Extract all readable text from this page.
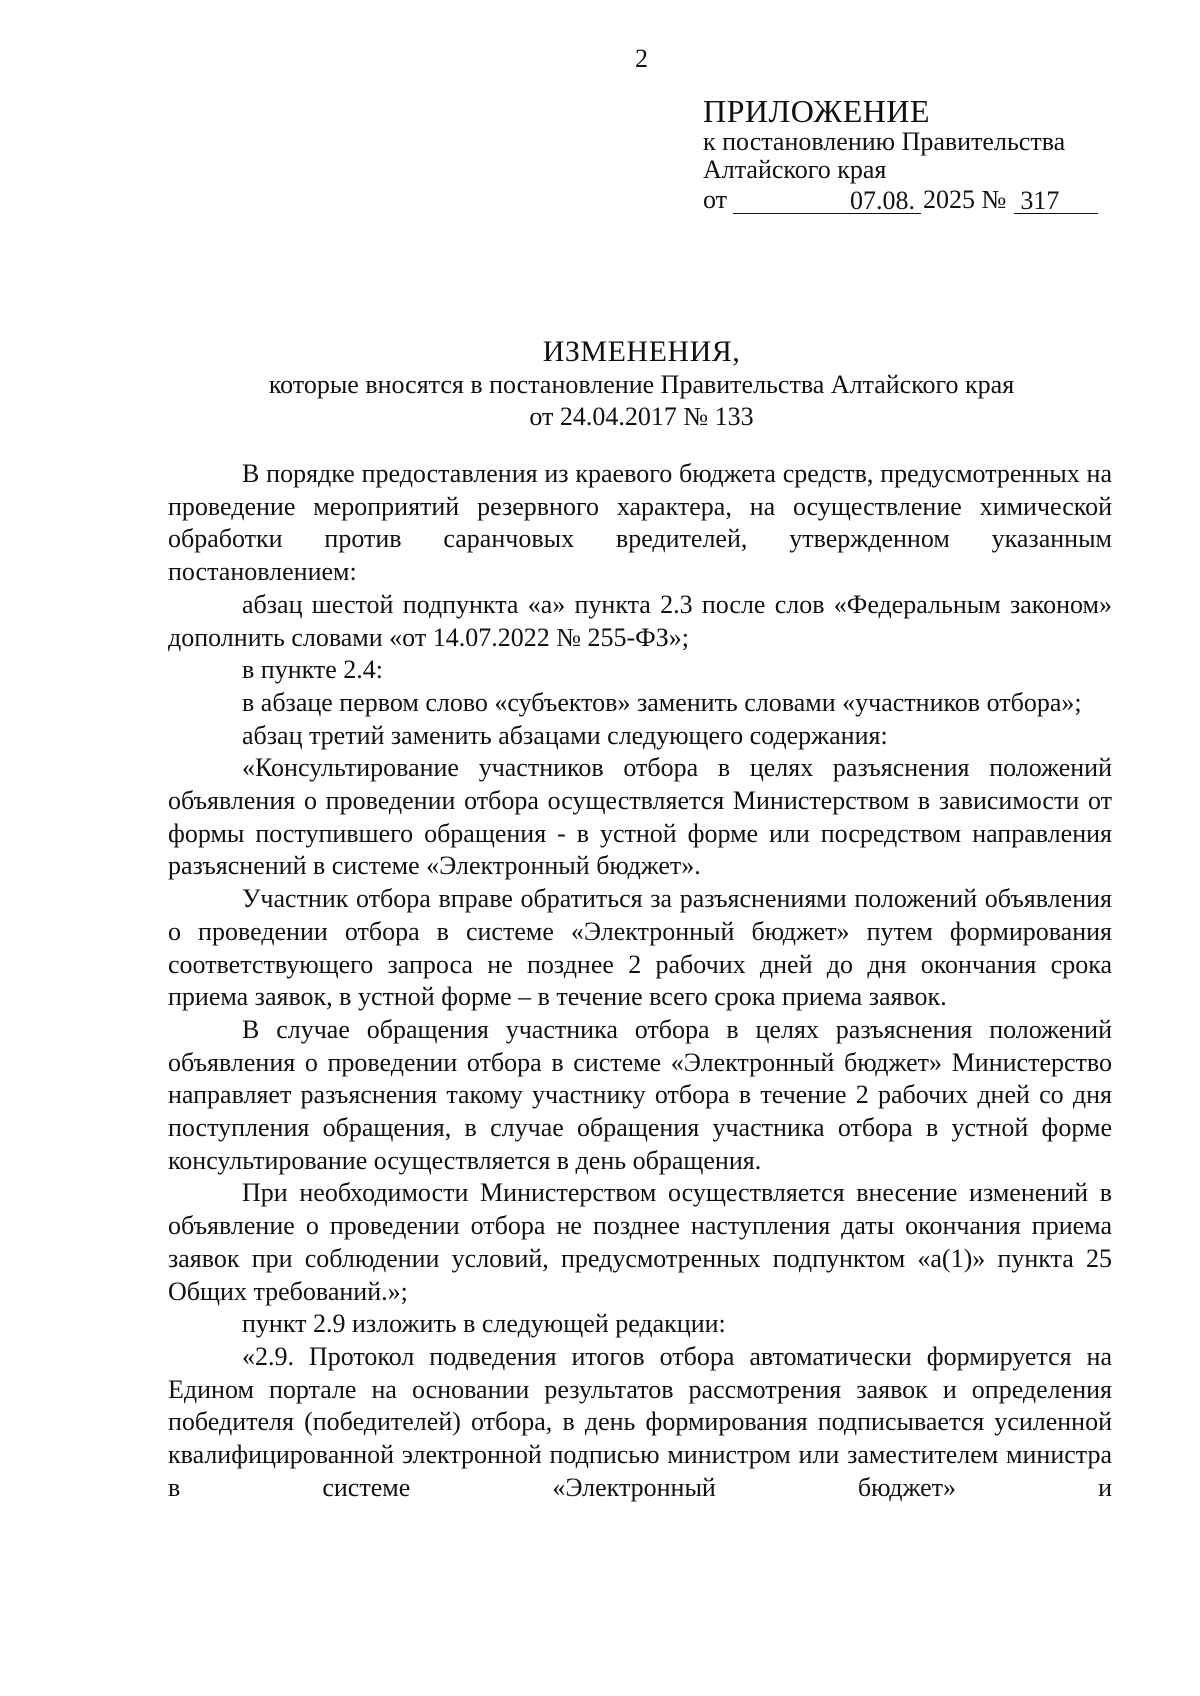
2
ПРИЛОЖЕНИЕ
к постановлению Правительства
Алтайского края
от	07.08. 2025 № 317
ИЗМЕНЕНИЯ,
которые вносятся в постановление Правительства Алтайского края
от 24.04.2017 № 133

В порядке предоставления из краевого бюджета средств, предусмотренных на проведение мероприятий резервного характера, на осуществление химической обработки против саранчовых вредителей, утвержденном указанным постановлением:

абзац шестой подпункта «а» пункта 2.3 после слов «Федеральным законом» дополнить словами «от 14.07.2022 № 255-ФЗ»;

в пункте 2.4:

в абзаце первом слово «субъектов» заменить словами «участников отбора»;

абзац третий заменить абзацами следующего содержания:

«Консультирование участников отбора в целях разъяснения положений объявления о проведении отбора осуществляется Министерством в зависимости от формы поступившего обращения - в устной форме или посредством направления разъяснений в системе «Электронный бюджет».

Участник отбора вправе обратиться за разъяснениями положений объявления о проведении отбора в системе «Электронный бюджет» путем формирования соответствующего запроса не позднее 2 рабочих дней до дня окончания срока приема заявок, в устной форме – в течение всего срока приема заявок.

В случае обращения участника отбора в целях разъяснения положений объявления о проведении отбора в системе «Электронный бюджет» Министерство направляет разъяснения такому участнику отбора в течение 2 рабочих дней со дня поступления обращения, в случае обращения участника отбора в устной форме консультирование осуществляется в день обращения.

При необходимости Министерством осуществляется внесение изменений в объявление о проведении отбора не позднее наступления даты окончания приема заявок при соблюдении условий, предусмотренных подпунктом «а(1)» пункта 25 Общих требований.»;

пункт 2.9 изложить в следующей редакции:

«2.9. Протокол подведения итогов отбора автоматически формируется на Едином портале на основании результатов рассмотрения заявок и определения победителя (победителей) отбора, в день формирования подписывается усиленной квалифицированной электронной подписью министром или заместителем министра в системе «Электронный бюджет» и
